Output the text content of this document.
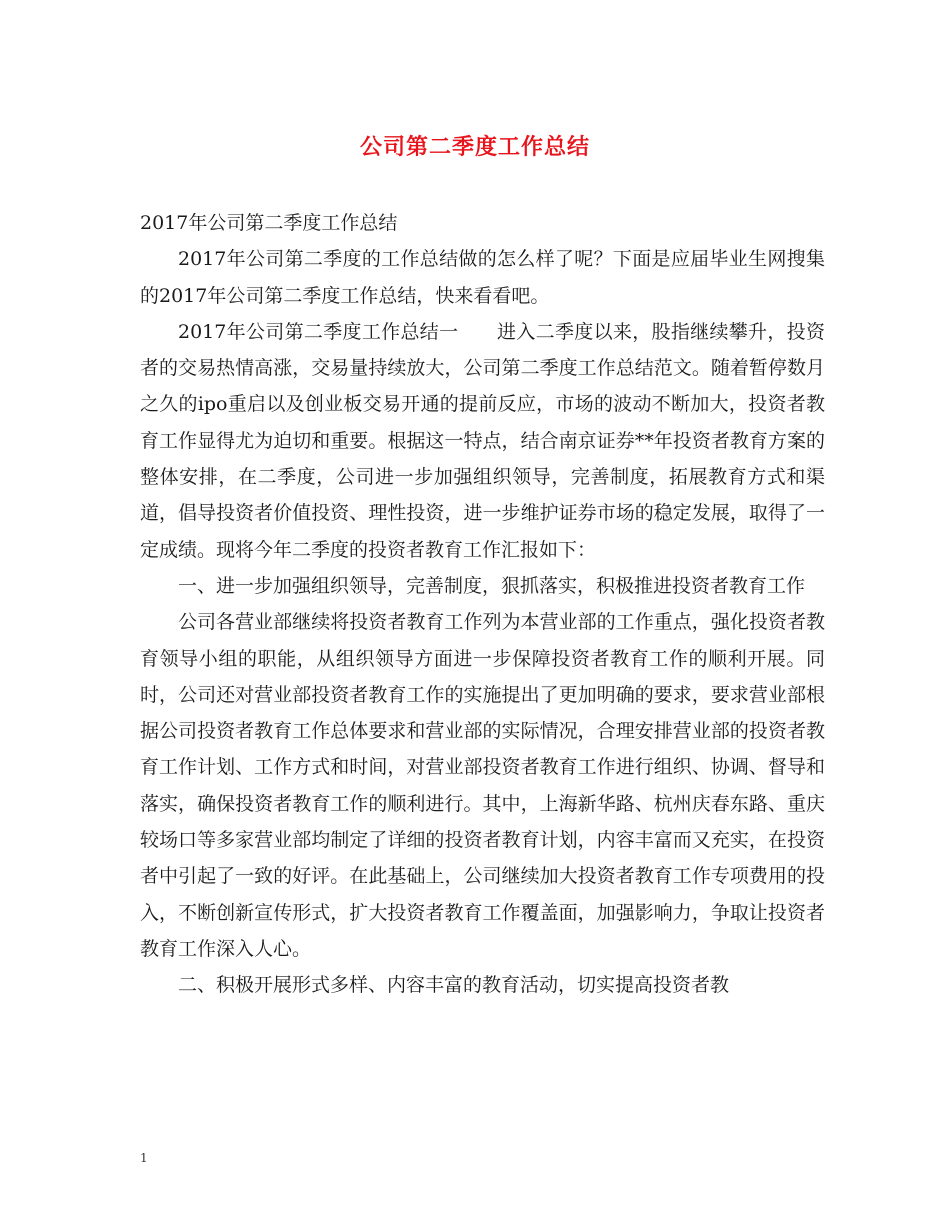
公司第二季度工作总结

2017年公司第二季度工作总结

2017年公司第二季度的工作总结做的怎么样了呢？下面是应届毕业生网搜集的2017年公司第二季度工作总结，快来看看吧。

2017年公司第二季度工作总结一　　进入二季度以来，股指继续攀升，投资者的交易热情高涨，交易量持续放大，公司第二季度工作总结范文。随着暂停数月之久的ipo重启以及创业板交易开通的提前反应，市场的波动不断加大，投资者教育工作显得尤为迫切和重要。根据这一特点，结合南京证券**年投资者教育方案的整体安排，在二季度，公司进一步加强组织领导，完善制度，拓展教育方式和渠道，倡导投资者价值投资、理性投资，进一步维护证券市场的稳定发展，取得了一定成绩。现将今年二季度的投资者教育工作汇报如下：

一、进一步加强组织领导，完善制度，狠抓落实，积极推进投资者教育工作

公司各营业部继续将投资者教育工作列为本营业部的工作重点，强化投资者教育领导小组的职能，从组织领导方面进一步保障投资者教育工作的顺利开展。同时，公司还对营业部投资者教育工作的实施提出了更加明确的要求，要求营业部根据公司投资者教育工作总体要求和营业部的实际情况，合理安排营业部的投资者教育工作计划、工作方式和时间，对营业部投资者教育工作进行组织、协调、督导和落实，确保投资者教育工作的顺利进行。其中，上海新华路、杭州庆春东路、重庆较场口等多家营业部均制定了详细的投资者教育计划，内容丰富而又充实，在投资者中引起了一致的好评。在此基础上，公司继续加大投资者教育工作专项费用的投入，不断创新宣传形式，扩大投资者教育工作覆盖面，加强影响力，争取让投资者教育工作深入人心。

二、积极开展形式多样、内容丰富的教育活动，切实提高投资者教

1
